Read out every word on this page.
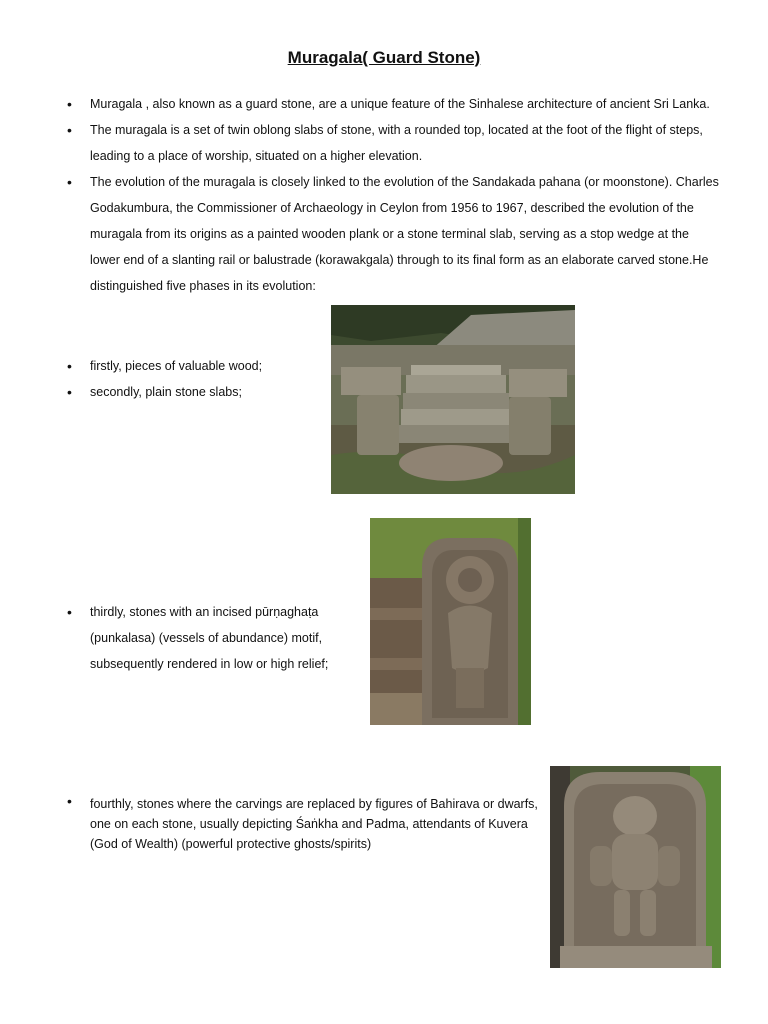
Muragala( Guard Stone)
• Muragala , also known as a guard stone, are a unique feature of the Sinhalese architecture of ancient Sri Lanka.
• The muragala is a set of twin oblong slabs of stone, with a rounded top, located at the foot of the flight of steps, leading to a place of worship, situated on a higher elevation.
• The evolution of the muragala is closely linked to the evolution of the Sandakada pahana (or moonstone). Charles Godakumbura, the Commissioner of Archaeology in Ceylon from 1956 to 1967, described the evolution of the muragala from its origins as a painted wooden plank or a stone terminal slab, serving as a stop wedge at the lower end of a slanting rail or balustrade (korawakgala) through to its final form as an elaborate carved stone.He distinguished five phases in its evolution:
• firstly, pieces of valuable wood;
• secondly, plain stone slabs;
• thirdly, stones with an incised pūrṇaghaṭa (punkalasa) (vessels of abundance) motif, subsequently rendered in low or high relief;
• fourthly, stones where the carvings are replaced by figures of Bahirava or dwarfs, one on each stone, usually depicting Śaṅkha and Padma, attendants of Kuvera (God of Wealth) (powerful protective ghosts/spirits)
